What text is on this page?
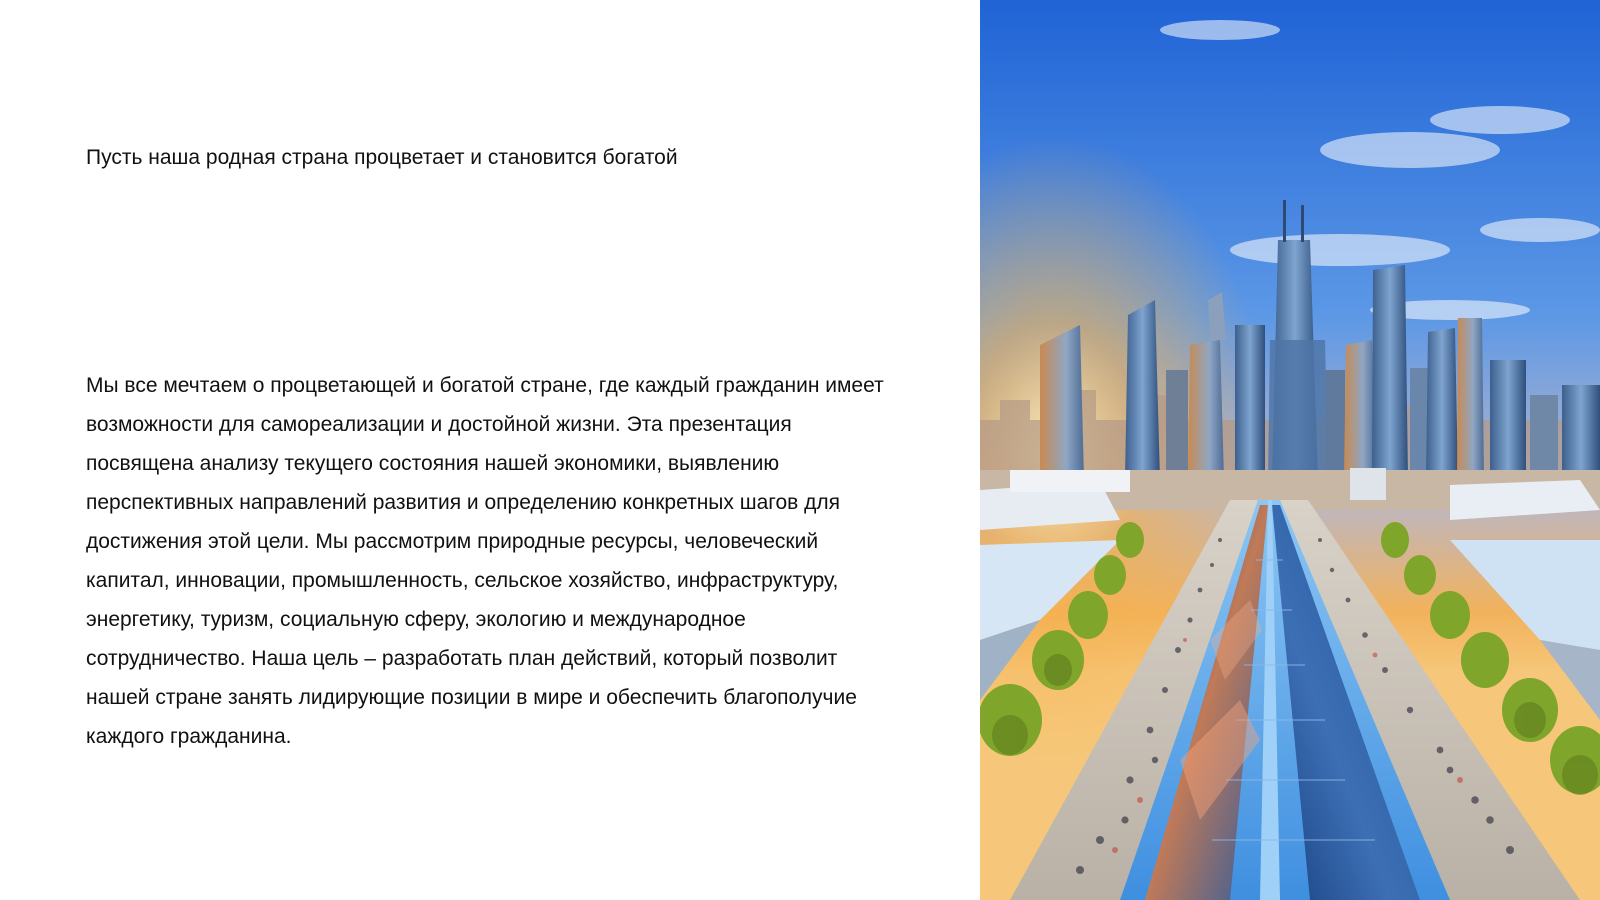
Пусть наша родная страна процветает и становится богатой

Мы все мечтаем о процветающей и богатой стране, где каждый гражданин имеет возможности для самореализации и достойной жизни. Эта презентация посвящена анализу текущего состояния нашей экономики, выявлению перспективных направлений развития и определению конкретных шагов для достижения этой цели. Мы рассмотрим природные ресурсы, человеческий капитал, инновации, промышленность, сельское хозяйство, инфраструктуру, энергетику, туризм, социальную сферу, экологию и международное сотрудничество. Наша цель – разработать план действий, который позволит нашей стране занять лидирующие позиции в мире и обеспечить благополучие каждого гражданина.
